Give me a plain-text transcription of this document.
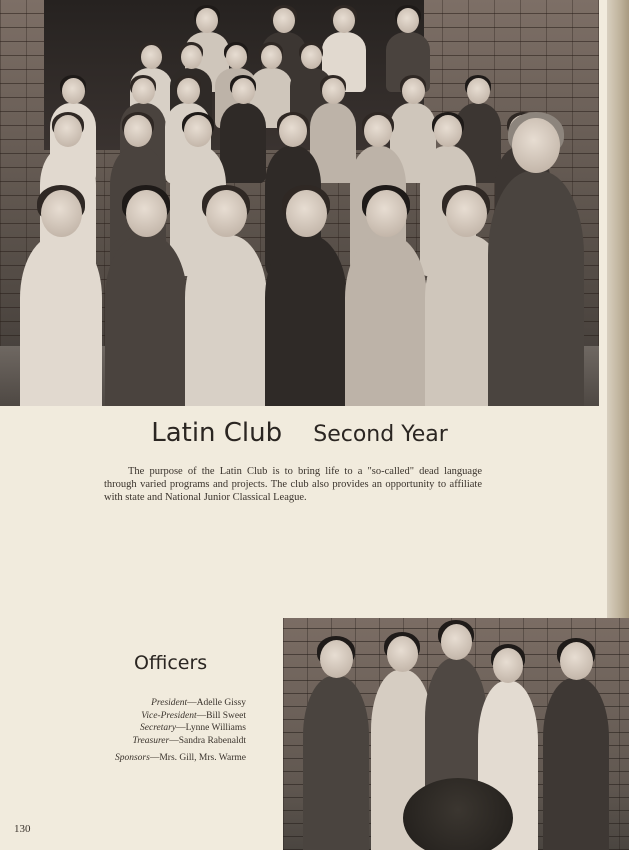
Latin Club Second Year
The purpose of the Latin Club is to bring life to a "so-called" dead language through varied programs and projects. The club also provides an opportunity to affiliate with state and National Junior Classical League.
Officers
President—Adelle Gissy
Vice-President—Bill Sweet
Secretary—Lynne Williams
Treasurer—Sandra Rabenaldt
Sponsors—Mrs. Gill, Mrs. Warme
130
